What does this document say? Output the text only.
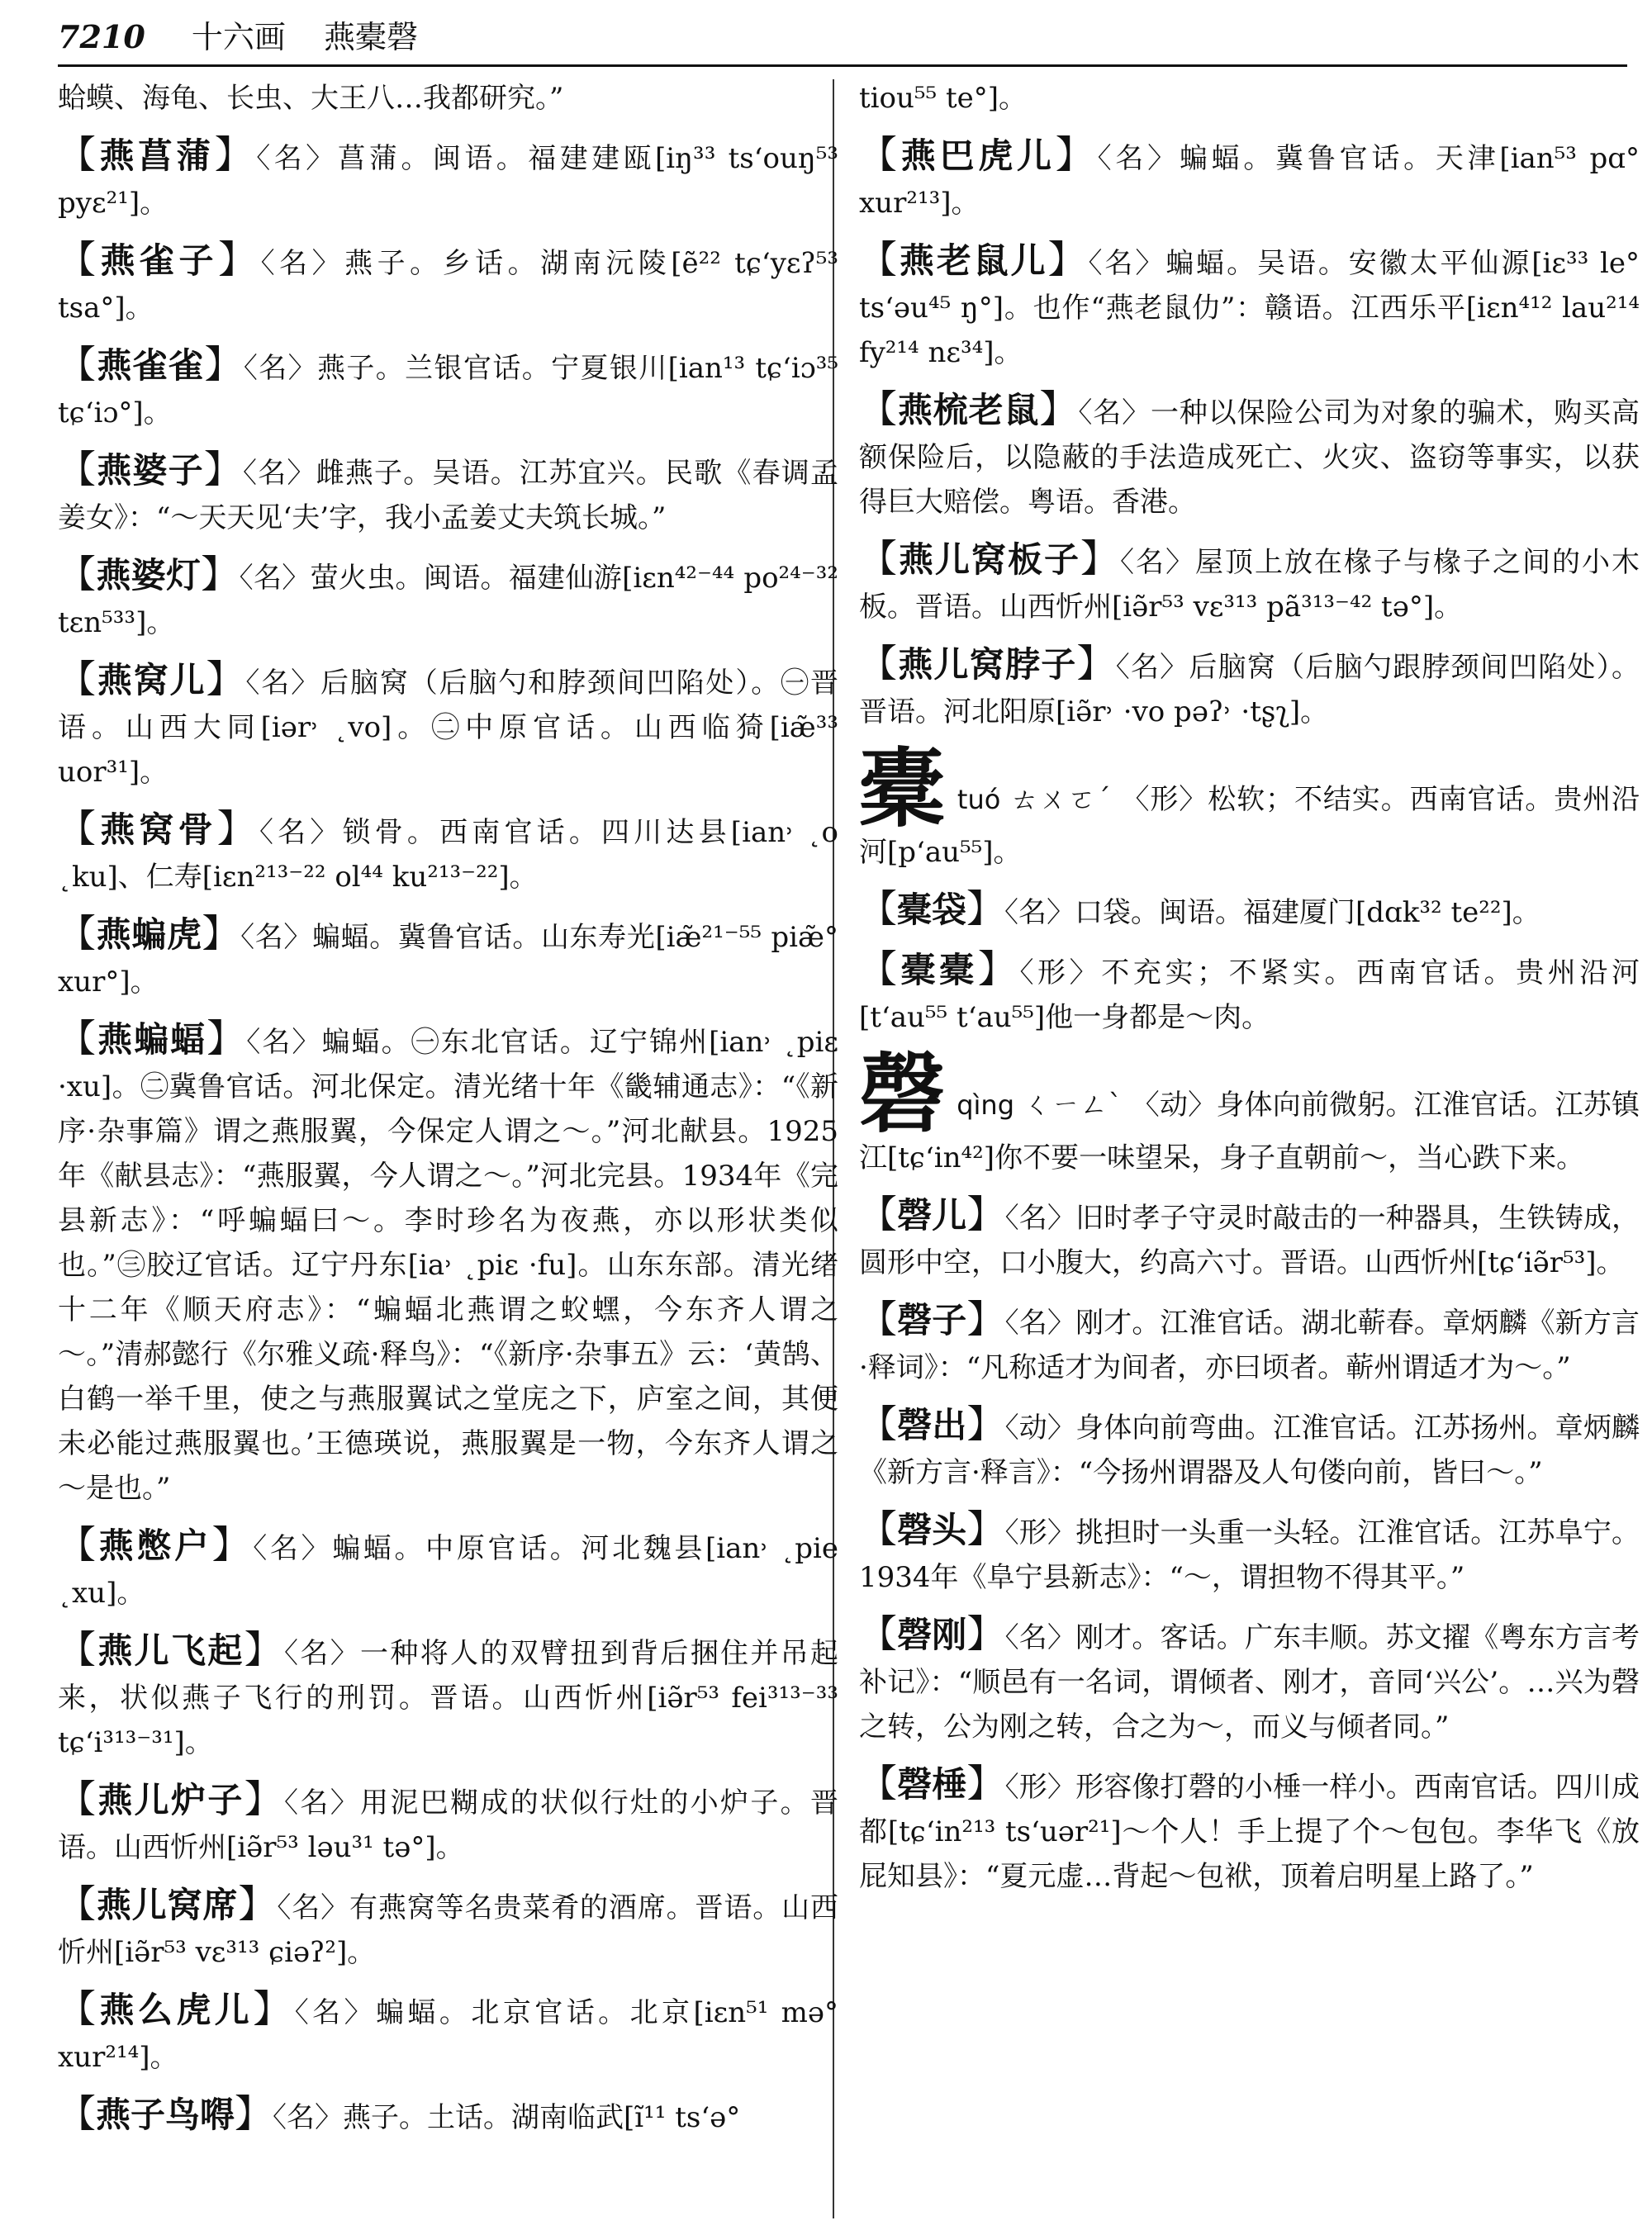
7210 十六画 燕橐磬
蛤蟆、海龟、长虫、大王八…我都研究。”
【燕菖蒲】〈名〉菖蒲。闽语。福建建瓯[iŋ³³ tsʻouŋ⁵³ pyɛ²¹]。
【燕雀子】〈名〉燕子。乡话。湖南沅陵[ẽ²² tɕʻyɛʔ⁵³ tsa°]。
【燕雀雀】〈名〉燕子。兰银官话。宁夏银川[ian¹³ tɕʻiɔ³⁵ tɕʻiɔ°]。
【燕婆子】〈名〉雌燕子。吴语。江苏宜兴。民歌《春调孟姜女》：“～天天见‘夫’字，我小孟姜丈夫筑长城。”
【燕婆灯】〈名〉萤火虫。闽语。福建仙游[iɛn⁴²⁻⁴⁴ po²⁴⁻³² tɛn⁵³³]。
【燕窝儿】〈名〉后脑窝（后脑勺和脖颈间凹陷处）。㊀晋语。山西大同[iər˒ ˛vo]。㊁中原官话。山西临猗[iæ̃³³ uor³¹]。
【燕窝骨】〈名〉锁骨。西南官话。四川达县[ian˒ ˛o ˛ku]、仁寿[iɛn²¹³⁻²² ol⁴⁴ ku²¹³⁻²²]。
【燕蝙虎】〈名〉蝙蝠。冀鲁官话。山东寿光[iæ̃²¹⁻⁵⁵ piæ̃° xur°]。
【燕蝙蝠】〈名〉蝙蝠。㊀东北官话。辽宁锦州[ian˒ ˛piɛ ·xu]。㊁冀鲁官话。河北保定。清光绪十年《畿辅通志》：“《新序·杂事篇》谓之燕服翼，今保定人谓之～。”河北献县。1925年《献县志》：“燕服翼，今人谓之～。”河北完县。1934年《完县新志》：“呼蝙蝠曰～。李时珍名为夜燕，亦以形状类似也。”㊂胶辽官话。辽宁丹东[ia˒ ˛piɛ ·fu]。山东东部。清光绪十二年《顺天府志》：“蝙蝠北燕谓之蚥蟔，今东齐人谓之～。”清郝懿行《尔雅义疏·释鸟》：“《新序·杂事五》云：‘黄鹄、白鹤一举千里，使之与燕服翼试之堂庑之下，庐室之间，其便未必能过燕服翼也。’王德瑛说，燕服翼是一物，今东齐人谓之～是也。”
【燕憋户】〈名〉蝙蝠。中原官话。河北魏县[ian˒ ˛pie ˛xu]。
【燕儿飞起】〈名〉一种将人的双臂扭到背后捆住并吊起来，状似燕子飞行的刑罚。晋语。山西忻州[iə̃r⁵³ fei³¹³⁻³³ tɕʻi³¹³⁻³¹]。
【燕儿炉子】〈名〉用泥巴糊成的状似行灶的小炉子。晋语。山西忻州[iə̃r⁵³ ləu³¹ tə°]。
【燕儿窝席】〈名〉有燕窝等名贵菜肴的酒席。晋语。山西忻州[iə̃r⁵³ vɛ³¹³ ɕiəʔ²]。
【燕么虎儿】〈名〉蝙蝠。北京官话。北京[iɛn⁵¹ mə° xur²¹⁴]。
【燕子鸟嘚】〈名〉燕子。土话。湖南临武[ĩ¹¹ tsʻə°
tiou⁵⁵ te°]。
【燕巴虎儿】〈名〉蝙蝠。冀鲁官话。天津[ian⁵³ pɑ° xur²¹³]。
【燕老鼠儿】〈名〉蝙蝠。吴语。安徽太平仙源[iɛ³³ le° tsʻəu⁴⁵ ŋ°]。也作“燕老鼠仂”：赣语。江西乐平[iɛn⁴¹² lau²¹⁴ fy²¹⁴ nɛ³⁴]。
【燕梳老鼠】〈名〉一种以保险公司为对象的骗术，购买高额保险后，以隐蔽的手法造成死亡、火灾、盗窃等事实，以获得巨大赔偿。粤语。香港。
【燕儿窝板子】〈名〉屋顶上放在椽子与椽子之间的小木板。晋语。山西忻州[iə̃r⁵³ vɛ³¹³ pã³¹³⁻⁴² tə°]。
【燕儿窝脖子】〈名〉后脑窝（后脑勺跟脖颈间凹陷处）。晋语。河北阳原[iə̃r˒ ·vo pəʔ˒ ·tʂʅ]。
橐tuó ㄊㄨㄛˊ 〈形〉松软；不结实。西南官话。贵州沿河[pʻau⁵⁵]。
【橐袋】〈名〉口袋。闽语。福建厦门[dɑk³² te²²]。
【橐橐】〈形〉不充实；不紧实。西南官话。贵州沿河[tʻau⁵⁵ tʻau⁵⁵]他一身都是～肉。
磬qìng ㄑㄧㄥˋ 〈动〉身体向前微躬。江淮官话。江苏镇江[tɕʻin⁴²]你不要一味望呆，身子直朝前～，当心跌下来。
【磬儿】〈名〉旧时孝子守灵时敲击的一种器具，生铁铸成，圆形中空，口小腹大，约高六寸。晋语。山西忻州[tɕʻiə̃r⁵³]。
【磬子】〈名〉刚才。江淮官话。湖北蕲春。章炳麟《新方言·释词》：“凡称适才为间者，亦曰顷者。蕲州谓适才为～。”
【磬出】〈动〉身体向前弯曲。江淮官话。江苏扬州。章炳麟《新方言·释言》：“今扬州谓器及人句偻向前，皆曰～。”
【磬头】〈形〉挑担时一头重一头轻。江淮官话。江苏阜宁。1934年《阜宁县新志》：“～，谓担物不得其平。”
【磬刚】〈名〉刚才。客话。广东丰顺。苏文擢《粤东方言考补记》：“顺邑有一名词，谓倾者、刚才，音同‘兴公’。…兴为磬之转，公为刚之转，合之为～，而义与倾者同。”
【磬棰】〈形〉形容像打磬的小棰一样小。西南官话。四川成都[tɕʻin²¹³ tsʻuər²¹]～个人！手上提了个～包包。李华飞《放屁知县》：“夏元虚…背起～包袱，顶着启明星上路了。”
